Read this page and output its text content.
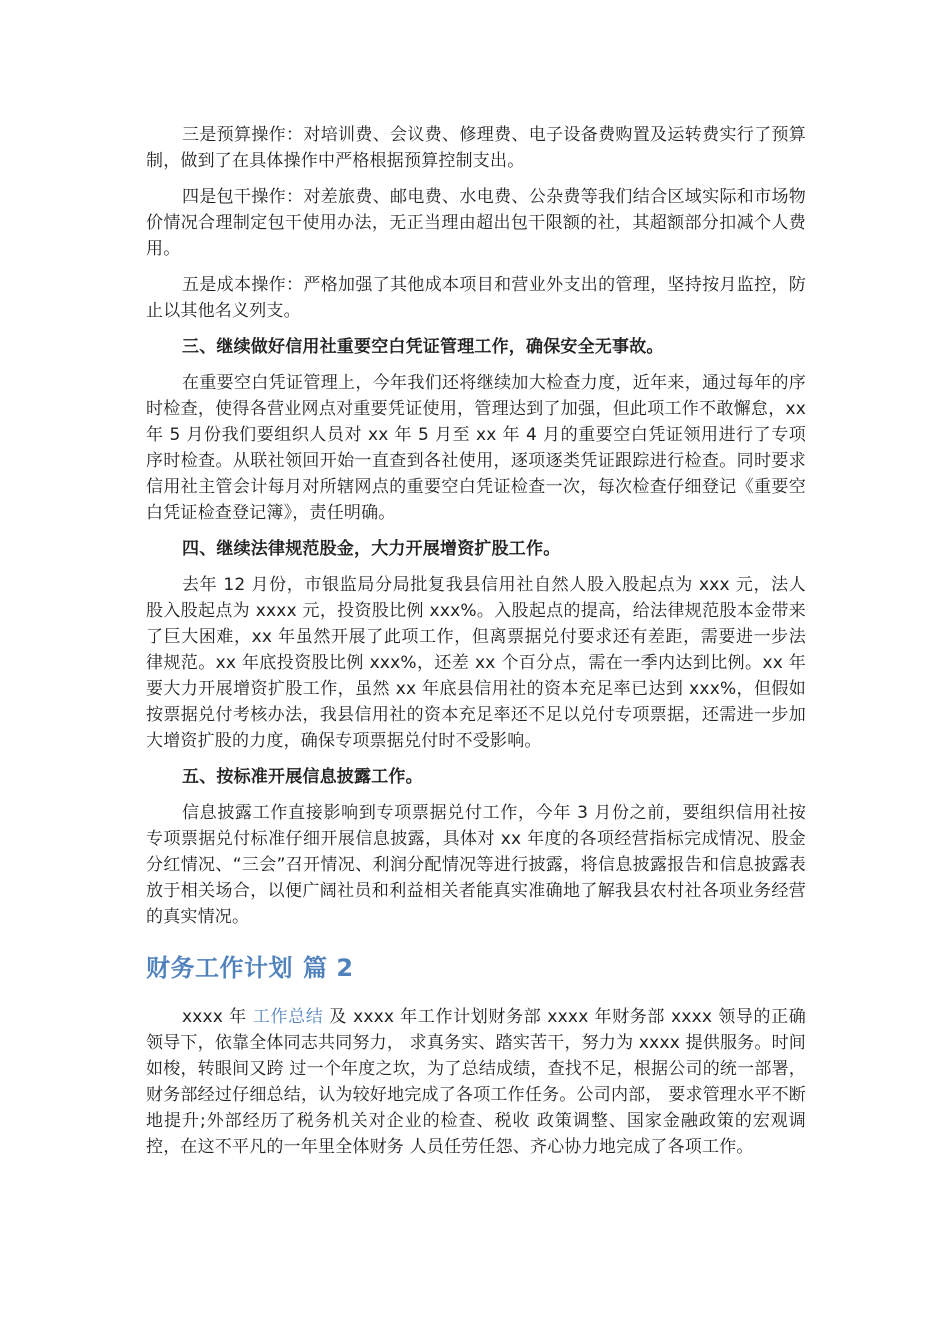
三是预算操作：对培训费、会议费、修理费、电子设备费购置及运转费实行了预算制，做到了在具体操作中严格根据预算控制支出。

四是包干操作：对差旅费、邮电费、水电费、公杂费等我们结合区域实际和市场物价情况合理制定包干使用办法，无正当理由超出包干限额的社，其超额部分扣减个人费用。

五是成本操作：严格加强了其他成本项目和营业外支出的管理，坚持按月监控，防止以其他名义列支。

三、继续做好信用社重要空白凭证管理工作，确保安全无事故。

在重要空白凭证管理上，今年我们还将继续加大检查力度，近年来，通过每年的序时检查，使得各营业网点对重要凭证使用，管理达到了加强，但此项工作不敢懈怠，xx 年 5 月份我们要组织人员对 xx 年 5 月至 xx 年 4 月的重要空白凭证领用进行了专项序时检查。从联社领回开始一直查到各社使用，逐项逐类凭证跟踪进行检查。同时要求信用社主管会计每月对所辖网点的重要空白凭证检查一次，每次检查仔细登记《重要空白凭证检查登记簿》，责任明确。

四、继续法律规范股金，大力开展增资扩股工作。

去年 12 月份，市银监局分局批复我县信用社自然人股入股起点为 xxx 元，法人股入股起点为 xxxx 元，投资股比例 xxx%。入股起点的提高，给法律规范股本金带来了巨大困难，xx 年虽然开展了此项工作，但离票据兑付要求还有差距，需要进一步法律规范。xx 年底投资股比例 xxx%，还差 xx 个百分点，需在一季内达到比例。xx 年要大力开展增资扩股工作，虽然 xx 年底县信用社的资本充足率已达到 xxx%，但假如按票据兑付考核办法，我县信用社的资本充足率还不足以兑付专项票据，还需进一步加大增资扩股的力度，确保专项票据兑付时不受影响。

五、按标准开展信息披露工作。

信息披露工作直接影响到专项票据兑付工作，今年 3 月份之前，要组织信用社按专项票据兑付标准仔细开展信息披露，具体对 xx 年度的各项经营指标完成情况、股金分红情况、“三会”召开情况、利润分配情况等进行披露，将信息披露报告和信息披露表放于相关场合，以便广阔社员和利益相关者能真实准确地了解我县农村社各项业务经营的真实情况。

财务工作计划 篇 2

xxxx 年 工作总结 及 xxxx 年工作计划财务部 xxxx 年财务部 xxxx 领导的正确领导下，依靠全体同志共同努力， 求真务实、踏实苦干，努力为 xxxx 提供服务。时间如梭，转眼间又跨 过一个年度之坎，为了总结成绩，查找不足，根据公司的统一部署， 财务部经过仔细总结，认为较好地完成了各项工作任务。公司内部， 要求管理水平不断地提升;外部经历了税务机关对企业的检查、税收 政策调整、国家金融政策的宏观调控，在这不平凡的一年里全体财务 人员任劳任怨、齐心协力地完成了各项工作。
